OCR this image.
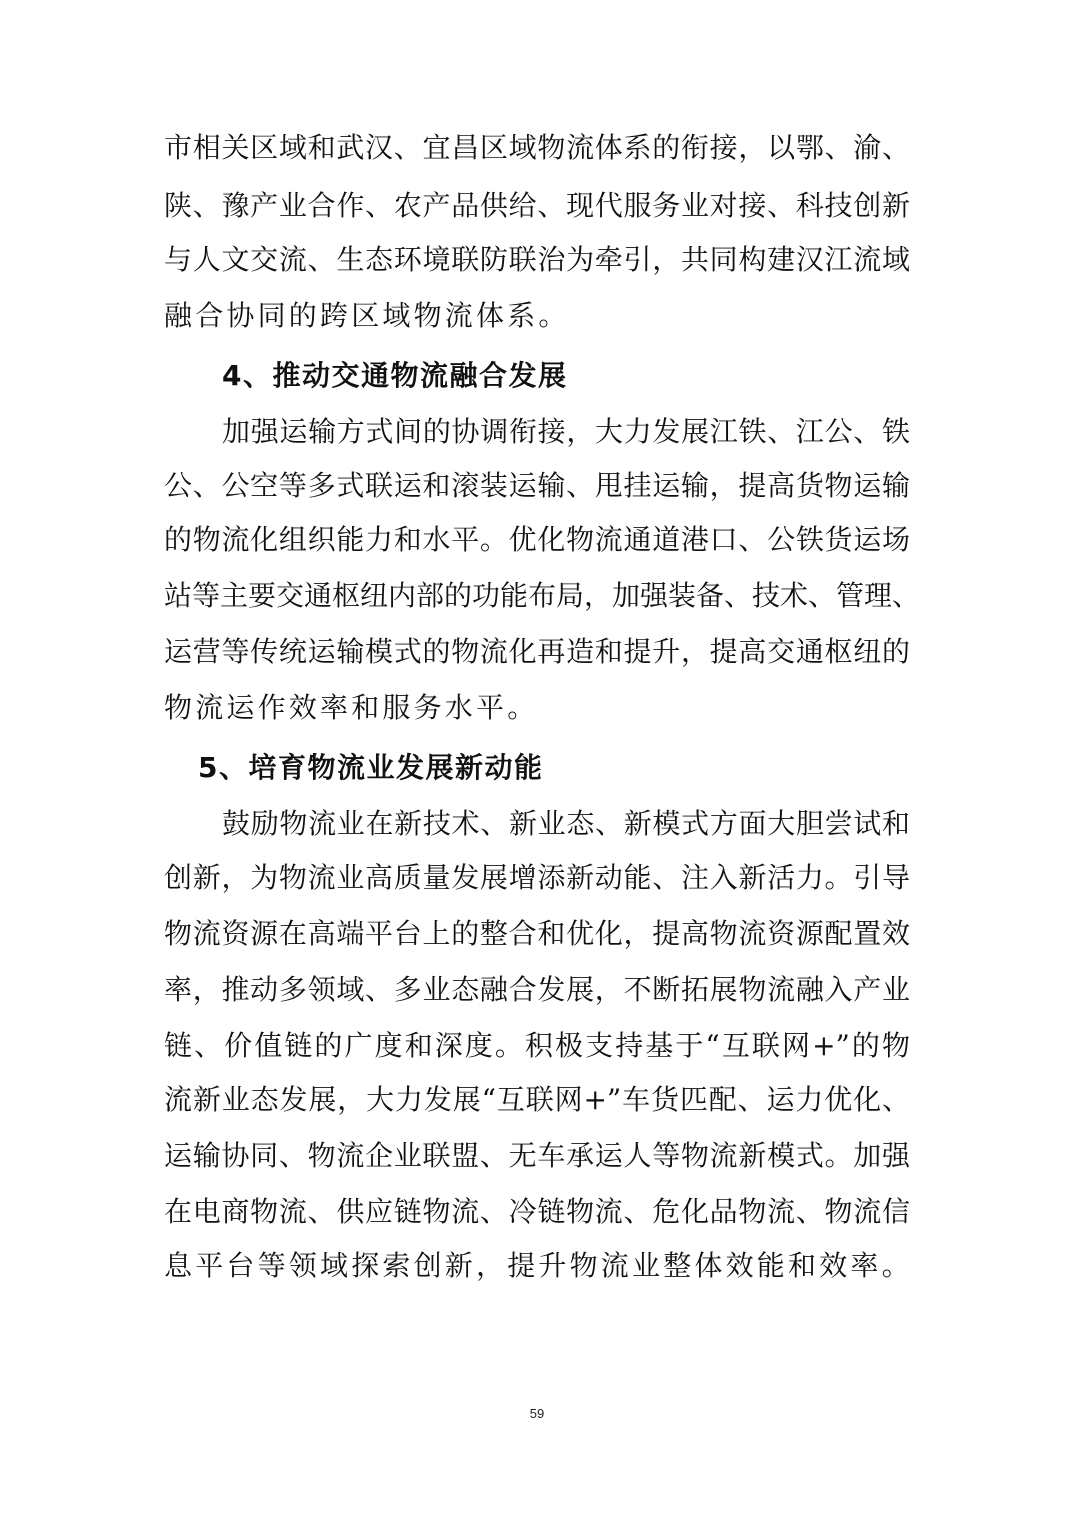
市相关区域和武汉、宜昌区域物流体系的衔接，以鄂、渝、

陕、豫产业合作、农产品供给、现代服务业对接、科技创新

与人文交流、生态环境联防联治为牵引，共同构建汉江流域

融合协同的跨区域物流体系。

4、推动交通物流融合发展

加强运输方式间的协调衔接，大力发展江铁、江公、铁

公、公空等多式联运和滚装运输、甩挂运输，提高货物运输

的物流化组织能力和水平。优化物流通道港口、公铁货运场

站等主要交通枢纽内部的功能布局，加强装备、技术、管理、

运营等传统运输模式的物流化再造和提升，提高交通枢纽的

物流运作效率和服务水平。

5、培育物流业发展新动能

鼓励物流业在新技术、新业态、新模式方面大胆尝试和

创新，为物流业高质量发展增添新动能、注入新活力。引导

物流资源在高端平台上的整合和优化，提高物流资源配置效

率，推动多领域、多业态融合发展，不断拓展物流融入产业

链、价值链的广度和深度。积极支持基于“互联网+”的物

流新业态发展，大力发展“互联网+”车货匹配、运力优化、

运输协同、物流企业联盟、无车承运人等物流新模式。加强

在电商物流、供应链物流、冷链物流、危化品物流、物流信

息平台等领域探索创新，提升物流业整体效能和效率。

59
